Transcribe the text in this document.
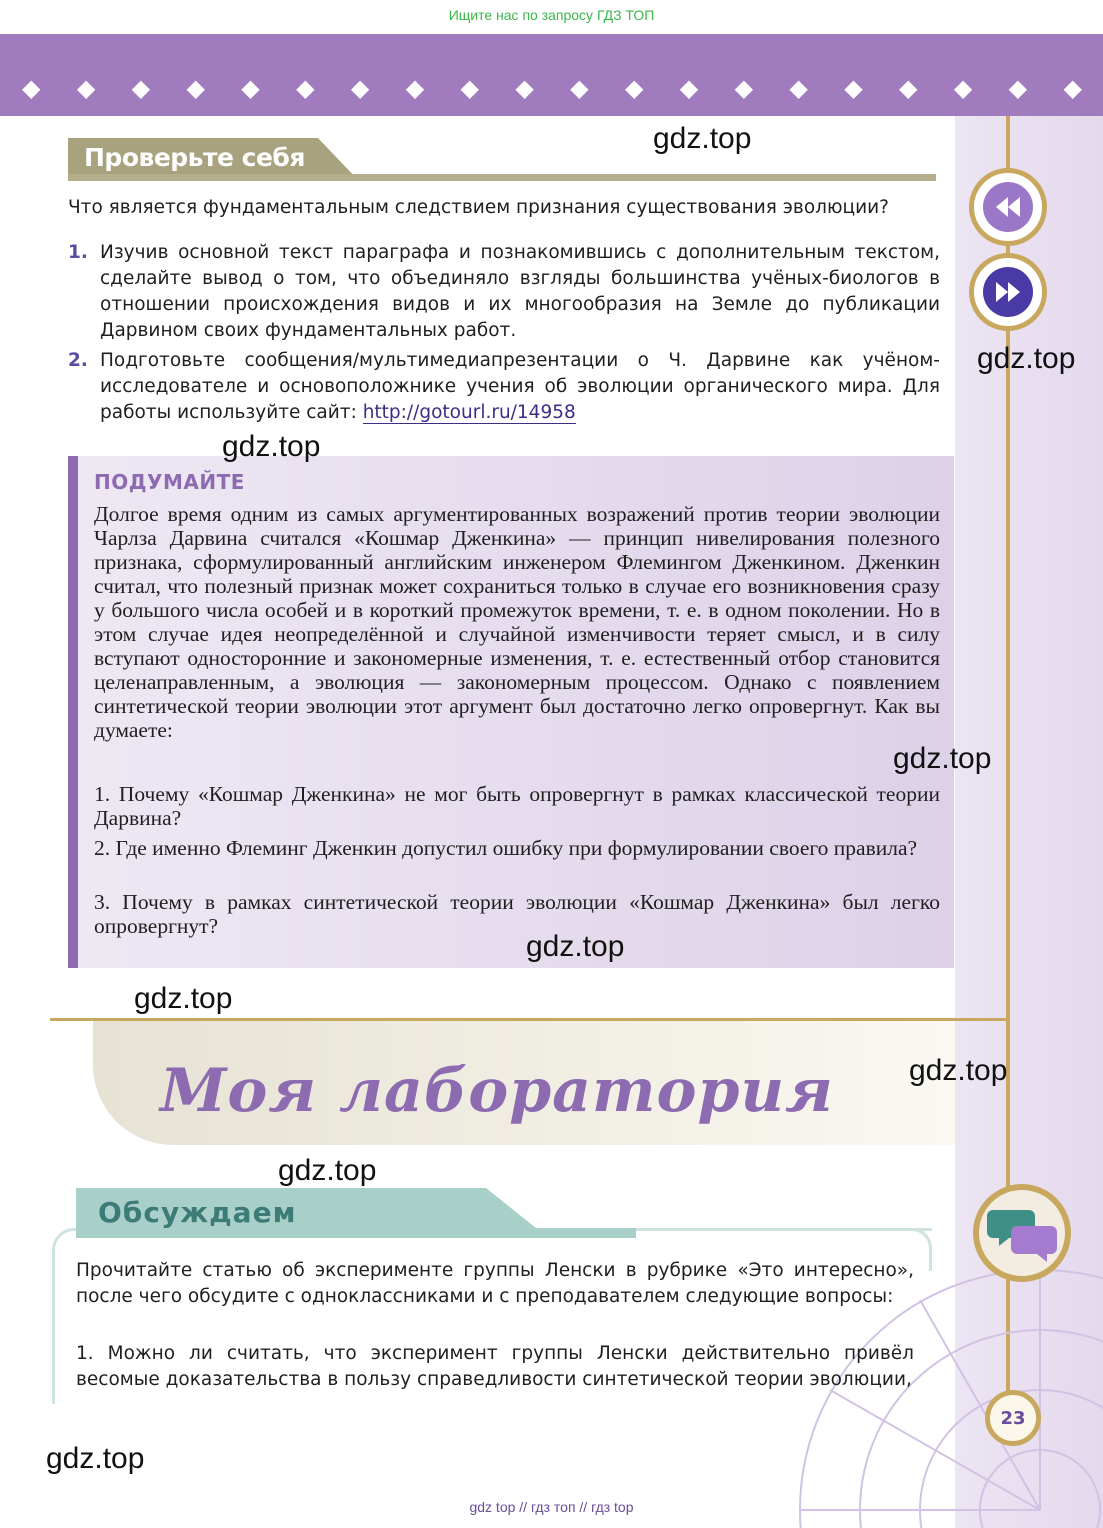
Ищите нас по запросу ГДЗ ТОП
◆ ◆ ◆ ◆ ◆ ◆ ◆ ◆ ◆ ◆ ◆ ◆ ◆ ◆ ◆ ◆ ◆ ◆ ◆ ◆
Проверьте себя
Что является фундаментальным следствием признания существования эволюции?
1. Изучив основной текст параграфа и познакомившись с дополнительным текстом, сделайте вывод о том, что объединяло взгляды большинства учёных-биологов в отношении происхождения видов и их многообразия на Земле до публикации Дарвином своих фундаментальных работ.
2. Подготовьте сообщения/мультимедиапрезентации о Ч. Дарвине как учёном-исследователе и основоположнике учения об эволюции органического мира. Для работы используйте сайт: http://gotourl.ru/14958
ПОДУМАЙТЕ
Долгое время одним из самых аргументированных возражений против теории эволюции Чарлза Дарвина считался «Кошмар Дженкина» — принцип нивелирования полезного признака, сформулированный английским инженером Флемингом Дженкином. Дженкин считал, что полезный признак может сохраниться только в случае его возникновения сразу у большого числа особей и в короткий промежуток времени, т. е. в одном поколении. Но в этом случае идея неопределённой и случайной изменчивости теряет смысл, и в силу вступают односторонние и закономерные изменения, т. е. естественный отбор становится целенаправленным, а эволюция — закономерным процессом. Однако с появлением синтетической теории эволюции этот аргумент был достаточно легко опровергнут. Как вы думаете:
1. Почему «Кошмар Дженкина» не мог быть опровергнут в рамках классической теории Дарвина?
2. Где именно Флеминг Дженкин допустил ошибку при формулировании своего правила?
3. Почему в рамках синтетической теории эволюции «Кошмар Дженкина» был легко опровергнут?
Моя лаборатория
Обсуждаем
Прочитайте статью об эксперименте группы Ленски в рубрике «Это интересно», после чего обсудите с одноклассниками и с преподавателем следующие вопросы:
1. Можно ли считать, что эксперимент группы Ленски действительно привёл весомые доказательства в пользу справедливости синтетической теории эволюции,
23
gdz.top
gdz.top
gdz.top
gdz.top
gdz.top
gdz.top
gdz.top
gdz.top
gdz.top
gdz top // гдз топ // гдз top
